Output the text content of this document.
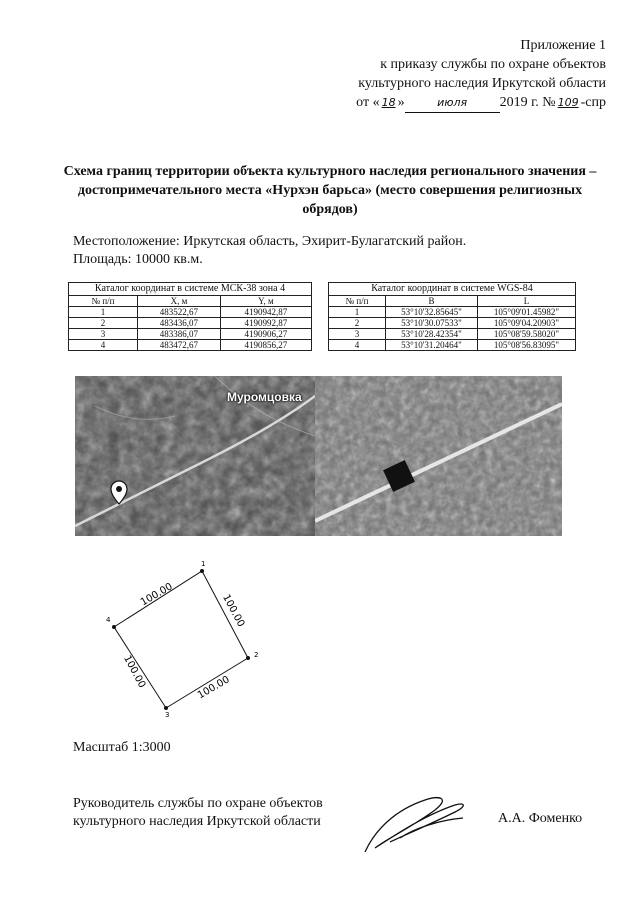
Приложение 1
к приказу службы по охране объектов
культурного наследия Иркутской области
от « 18 »	июля 2019 г. № 109 -спр
Схема границ территории объекта культурного наследия регионального значения – достопримечательного места «Нурхэн барьса» (место совершения религиозных обрядов)
Местоположение: Иркутская область, Эхирит-Булагатский район.
Площадь: 10000 кв.м.
Каталог координат в системе МСК-38 зона 4		
№ п/п	X, м	Y, м
1	483522,67	4190942,87
2	483436,07	4190992,87
3	483386,07	4190906,27
4	483472,67	4190856,27
Каталог координат в системе WGS-84		
№ п/п	B	L
1	53°10'32.85645"	105°09'01.45982"
2	53°10'30.07533"	105°09'04.20903"
3	53°10'28.42354"	105°08'59.58020"
4	53°10'31.20464"	105°08'56.83095"
Муромцовка
1
2
3
4
100.00	100.00
100.00
100.00
Масштаб 1:3000
Руководитель службы по охране объектов
культурного наследия Иркутской области	А.А. Фоменко
